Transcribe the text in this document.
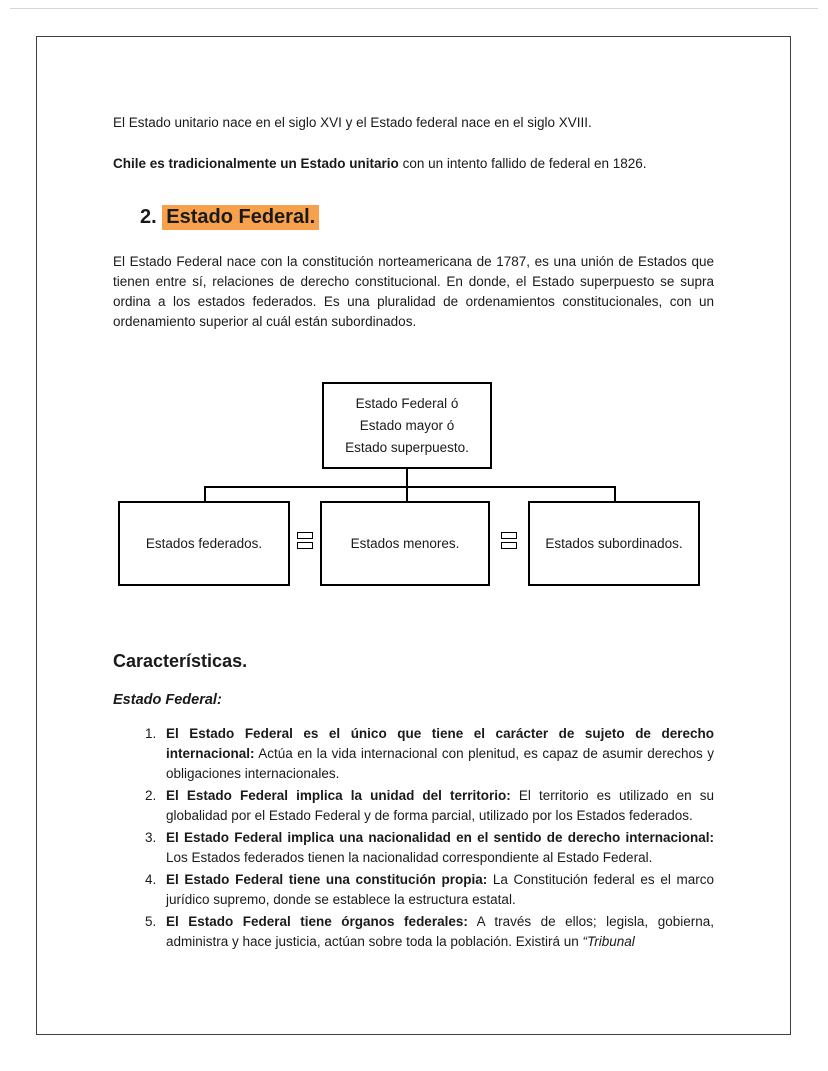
El Estado unitario nace en el siglo XVI y el Estado federal nace en el siglo XVIII.

Chile es tradicionalmente un Estado unitario con un intento fallido de federal en 1826.

2. Estado Federal.

El Estado Federal nace con la constitución norteamericana de 1787, es una unión de Estados que tienen entre sí, relaciones de derecho constitucional. En donde, el Estado superpuesto se supra ordina a los estados federados. Es una pluralidad de ordenamientos constitucionales, con un ordenamiento superior al cuál están subordinados.

Estado Federal ó
Estado mayor ó
Estado superpuesto.
Estados federados.	Estados menores.	Estados subordinados.
Características.

Estado Federal:

1. El Estado Federal es el único que tiene el carácter de sujeto de derecho internacional: Actúa en la vida internacional con plenitud, es capaz de asumir derechos y obligaciones internacionales.
2. El Estado Federal implica la unidad del territorio: El territorio es utilizado en su globalidad por el Estado Federal y de forma parcial, utilizado por los Estados federados.
3. El Estado Federal implica una nacionalidad en el sentido de derecho internacional: Los Estados federados tienen la nacionalidad correspondiente al Estado Federal.
4. El Estado Federal tiene una constitución propia: La Constitución federal es el marco jurídico supremo, donde se establece la estructura estatal.
5. El Estado Federal tiene órganos federales: A través de ellos; legisla, gobierna, administra y hace justicia, actúan sobre toda la población. Existirá un “Tribunal
